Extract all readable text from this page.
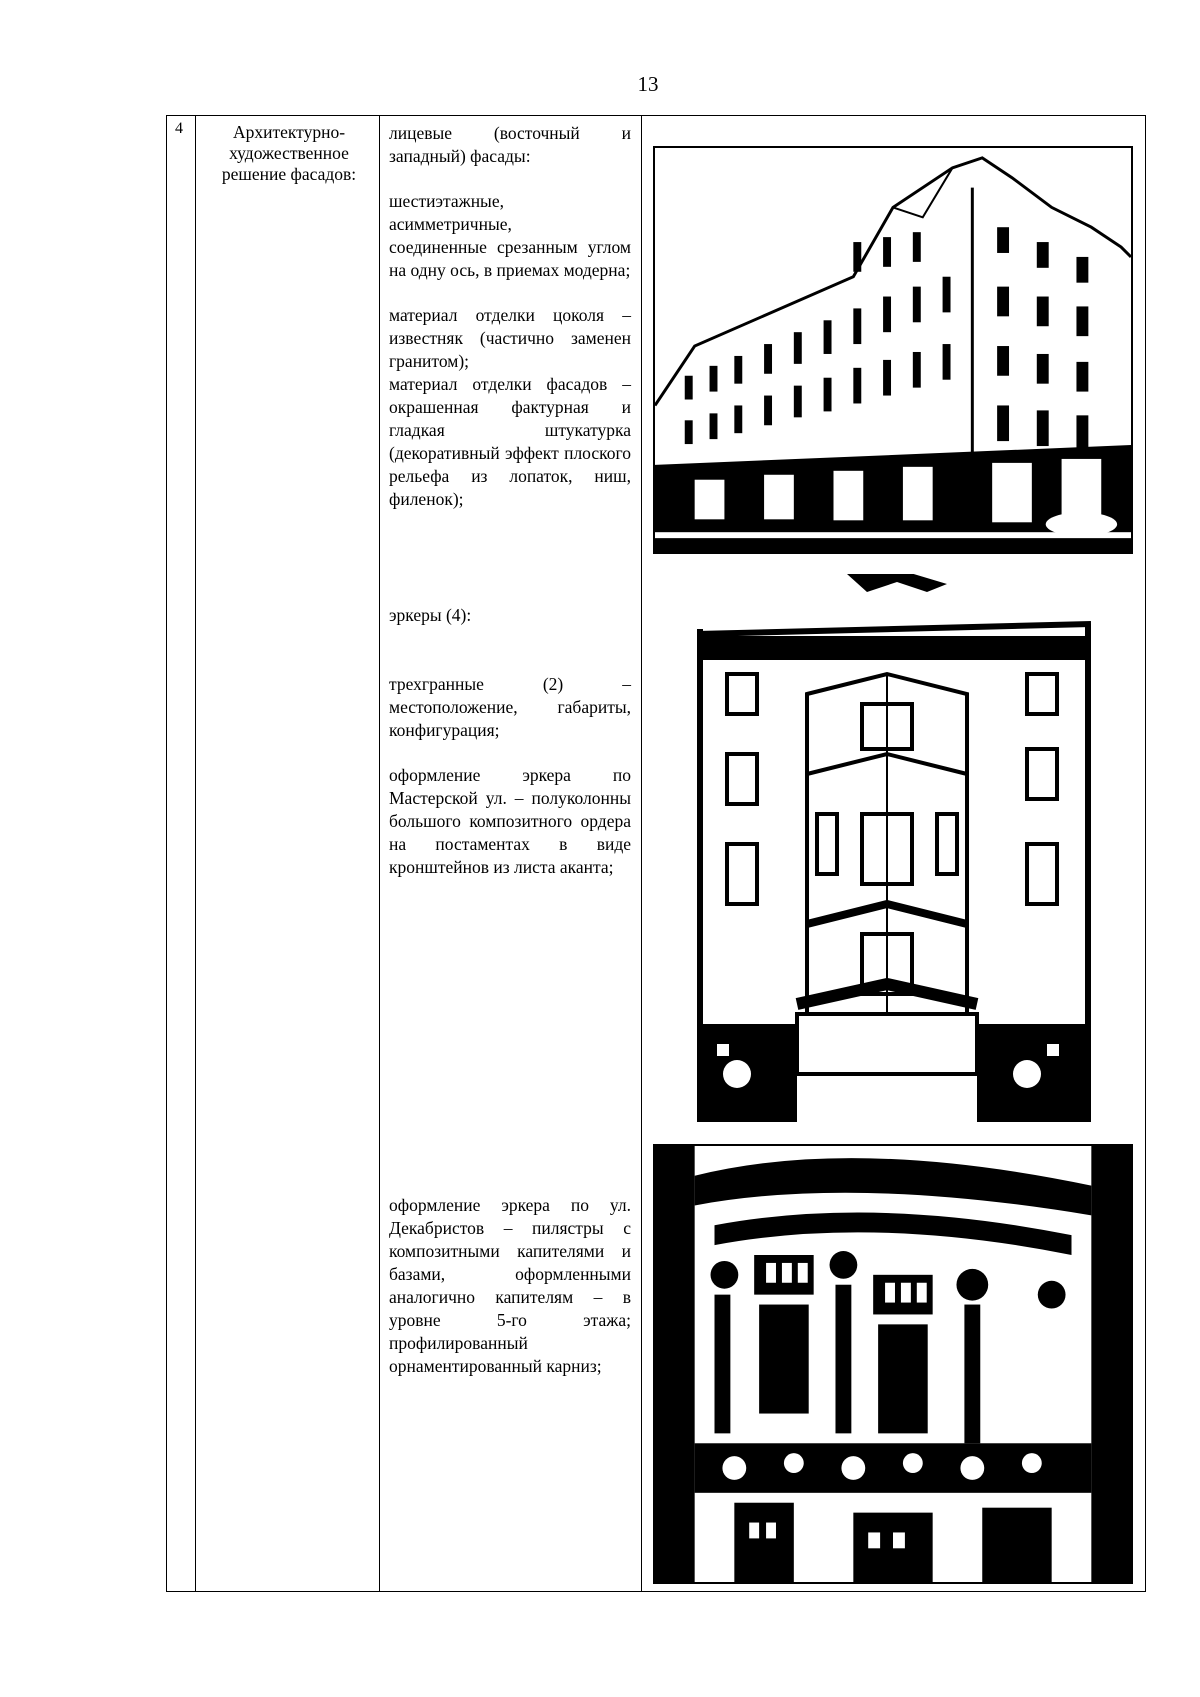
13
4	Архитектурно-художественное решение фасадов:

лицевые (восточный и западный) фасады:

шестиэтажные,

асимметричные,

соединенные срезанным углом на одну ось, в приемах модерна;

материал отделки цоколя – известняк (частично заменен гранитом);

материал отделки фасадов – окрашенная фактурная и гладкая штукатурка (декоративный эффект плоского рельефа из лопаток, ниш, филенок);

эркеры (4):

трехгранные (2) – местоположение, габариты, конфигурация;

оформление эркера по Мастерской ул. – полуколонны большого композитного ордера на постаментах в виде кронштейнов из листа аканта;

оформление эркера по ул. Декабристов – пилястры с композитными капителями и базами, оформленными аналогично капителям – в уровне 5-го этажа; профилированный орнаментированный карниз;
